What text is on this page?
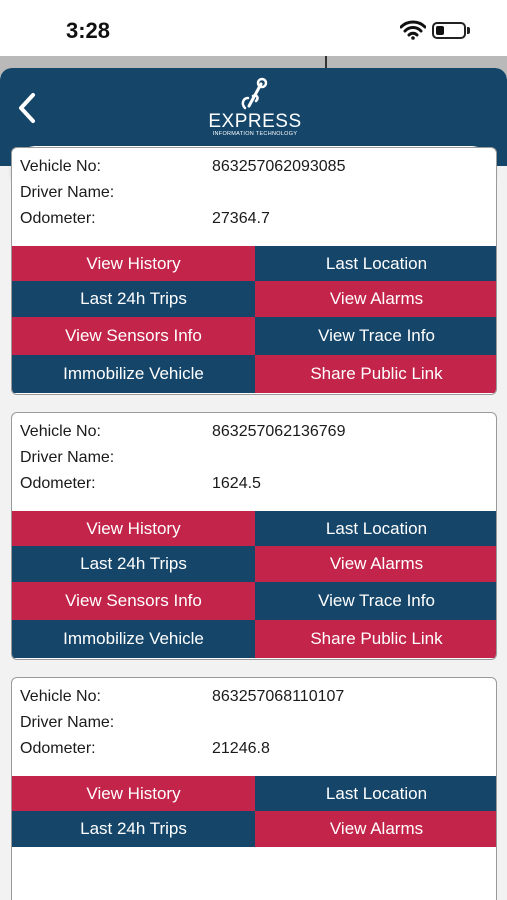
3:28
EXPRESS
INFORMATION TECHNOLOGY
Search Vehicle
Vehicle No:	863257062093085
Driver Name:
Odometer:	27364.7
View History	Last Location
Last 24h Trips	View Alarms
View Sensors Info	View Trace Info
Immobilize Vehicle	Share Public Link
Vehicle No:	863257062136769
Driver Name:
Odometer:	1624.5
View History	Last Location
Last 24h Trips	View Alarms
View Sensors Info	View Trace Info
Immobilize Vehicle	Share Public Link
Vehicle No:	863257068110107
Driver Name:
Odometer:	21246.8
View History	Last Location
Last 24h Trips	View Alarms
